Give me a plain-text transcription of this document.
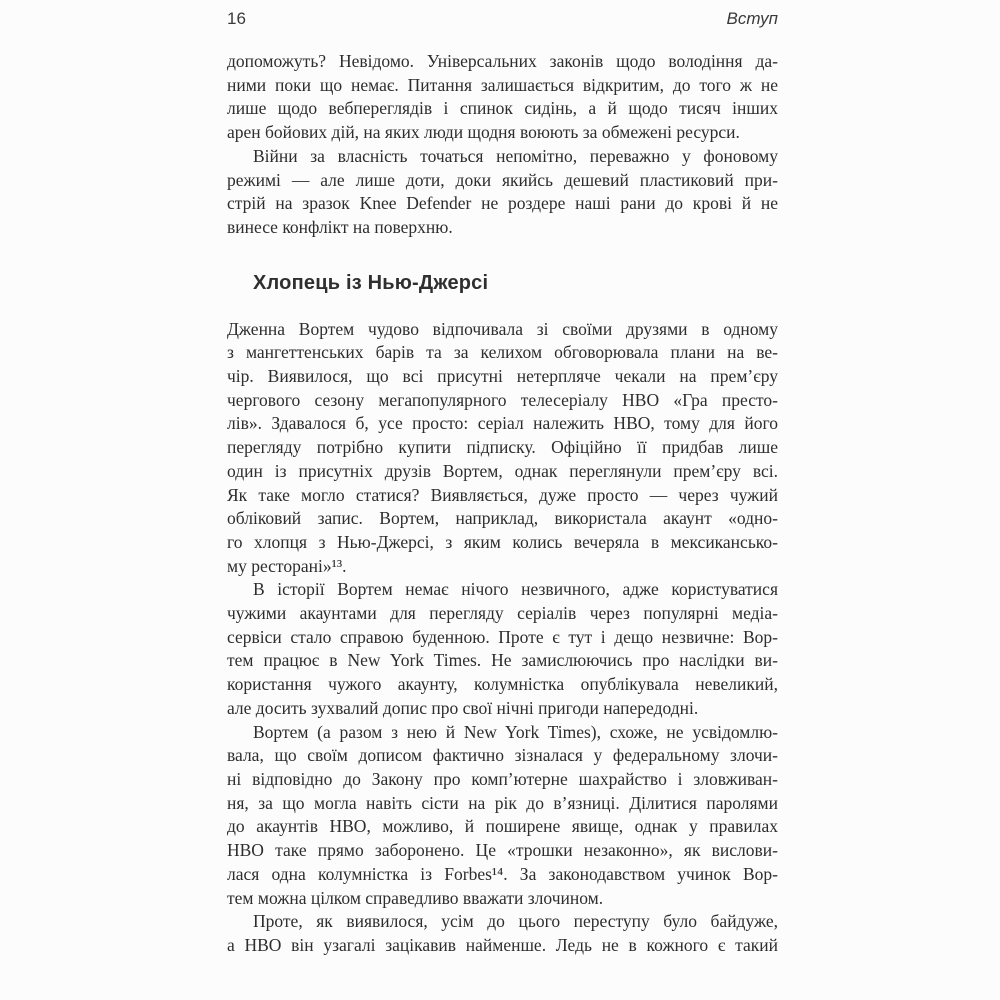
16	Вступ

допоможуть? Невідомо. Універсальних законів щодо володіння да-
ними поки що немає. Питання залишається відкритим, до того ж не
лише щодо вебпереглядів і спинок сидінь, а й щодо тисяч інших
арен бойових дій, на яких люди щодня воюють за обмежені ресурси.

Війни за власність точаться непомітно, переважно у фоновому
режимі — але лише доти, доки якийсь дешевий пластиковий при-
стрій на зразок Knee Defender не роздере наші рани до крові й не
винесе конфлікт на поверхню.

Хлопець із Нью-Джерсі

Дженна Вортем чудово відпочивала зі своїми друзями в одному
з мангеттенських барів та за келихом обговорювала плани на ве-
чір. Виявилося, що всі присутні нетерпляче чекали на прем’єру
чергового сезону мегапопулярного телесеріалу НВО «Гра престо-
лів». Здавалося б, усе просто: серіал належить НВО, тому для його
перегляду потрібно купити підписку. Офіційно її придбав лише
один із присутніх друзів Вортем, однак переглянули прем’єру всі.
Як таке могло статися? Виявляється, дуже просто — через чужий
обліковий запис. Вортем, наприклад, використала акаунт «одно-
го хлопця з Нью-Джерсі, з яким колись вечеряла в мексикансько-
му ресторані»¹³.

В історії Вортем немає нічого незвичного, адже користуватися
чужими акаунтами для перегляду серіалів через популярні медіа-
сервіси стало справою буденною. Проте є тут і дещо незвичне: Вор-
тем працює в New York Times. Не замислюючись про наслідки ви-
користання чужого акаунту, колумністка опублікувала невеликий,
але досить зухвалий допис про свої нічні пригоди напередодні.

Вортем (а разом з нею й New York Times), схоже, не усвідомлю-
вала, що своїм дописом фактично зізналася у федеральному злочи-
ні відповідно до Закону про комп’ютерне шахрайство і зловживан-
ня, за що могла навіть сісти на рік до в’язниці. Ділитися паролями
до акаунтів НВО, можливо, й поширене явище, однак у правилах
НВО таке прямо заборонено. Це «трошки незаконно», як вислови-
лася одна колумністка із Forbes¹⁴. За законодавством учинок Вор-
тем можна цілком справедливо вважати злочином.

Проте, як виявилося, усім до цього переступу було байдуже,
а НВО він узагалі зацікавив найменше. Ледь не в кожного є такий
